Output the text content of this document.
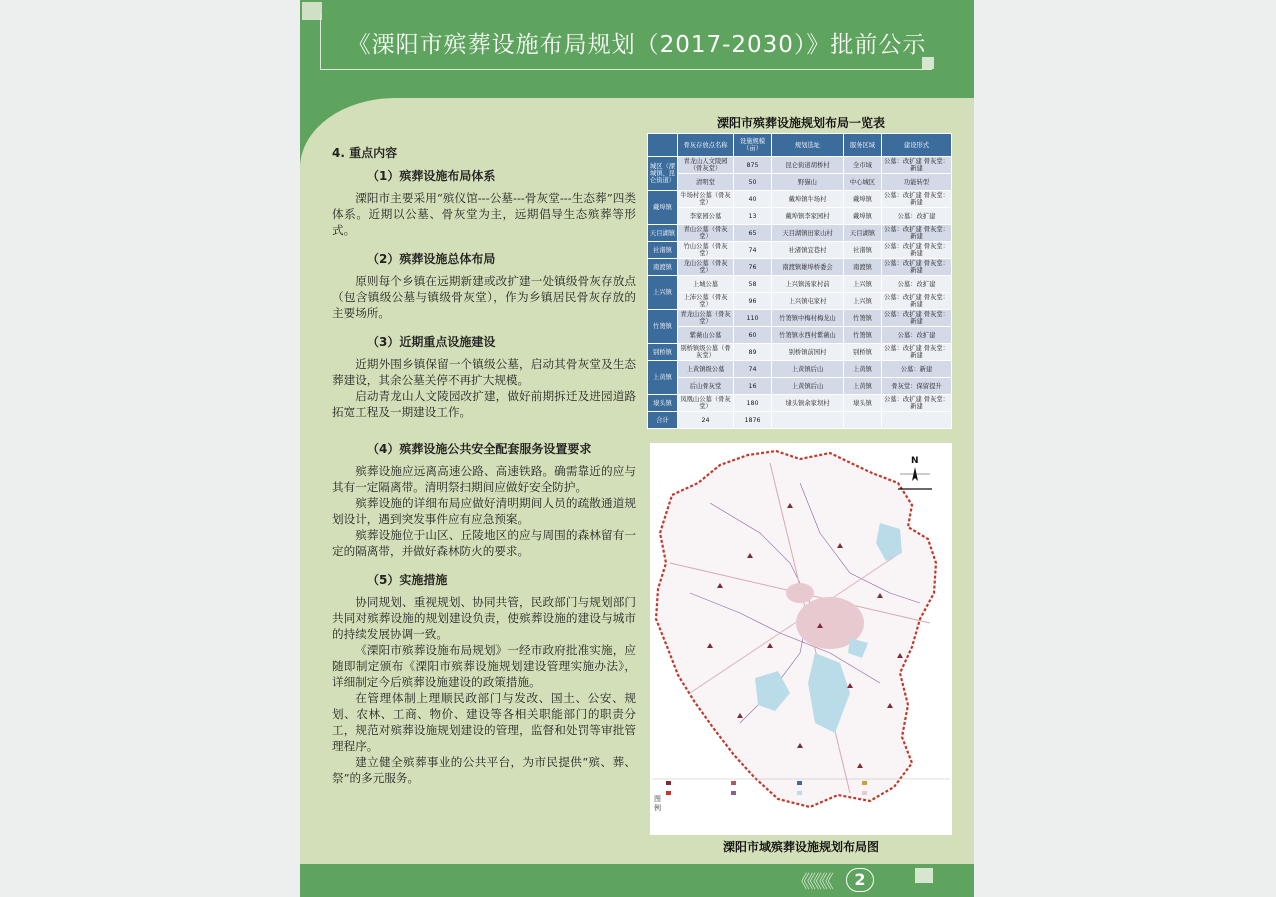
《溧阳市殡葬设施布局规划（2017-2030）》批前公示
《《《《《	2
4. 重点内容
（1）殡葬设施布局体系

溧阳市主要采用“殡仪馆---公墓---骨灰堂---生态葬”四类体系。近期以公墓、骨灰堂为主，远期倡导生态殡葬等形式。

（2）殡葬设施总体布局

原则每个乡镇在远期新建或改扩建一处镇级骨灰存放点（包含镇级公墓与镇级骨灰堂），作为乡镇居民骨灰存放的主要场所。

（3）近期重点设施建设

近期外围乡镇保留一个镇级公墓，启动其骨灰堂及生态葬建设，其余公墓关停不再扩大规模。

启动青龙山人文陵园改扩建，做好前期拆迁及进园道路拓宽工程及一期建设工作。

（4）殡葬设施公共安全配套服务设置要求

殡葬设施应远离高速公路、高速铁路。确需靠近的应与其有一定隔离带。清明祭扫期间应做好安全防护。

殡葬设施的详细布局应做好清明期间人员的疏散通道规划设计，遇到突发事件应有应急预案。

殡葬设施位于山区、丘陵地区的应与周围的森林留有一定的隔离带，并做好森林防火的要求。

（5）实施措施

协同规划、重视规划、协同共管，民政部门与规划部门共同对殡葬设施的规划建设负责，使殡葬设施的建设与城市的持续发展协调一致。

《溧阳市殡葬设施布局规划》一经市政府批准实施，应随即制定颁布《溧阳市殡葬设施规划建设管理实施办法》，详细制定今后殡葬设施建设的政策措施。

在管理体制上理顺民政部门与发改、国土、公安、规划、农林、工商、物价、建设等各相关职能部门的职责分工，规范对殡葬设施规划建设的管理，监督和处罚等审批管理程序。

建立健全殡葬事业的公共平台，为市民提供“殡、葬、祭”的多元服务。

溧阳市殡葬设施规划布局一览表
	骨灰存放点名称	设施规模（亩）	规划选址	服务区域	建设形式
城区（溧城镇、昆仑街道）	青龙山人文陵园（骨灰堂）	875	昆仑街道胡桥村	全市域	公墓：改扩建 骨灰堂：新建
	清明堂	50	野猫山	中心城区	功能转型
戴埠镇	牛场村公墓（骨灰堂）	40	戴埠镇牛场村	戴埠镇	公墓：改扩建 骨灰堂：新建
	李家园公墓	13	戴埠镇李家园村	戴埠镇	公墓：改扩建
天目湖镇	青山公墓（骨灰堂）	65	天目湖镇田家山村	天目湖镇	公墓：改扩建 骨灰堂：新建
社渚镇	竹山公墓（骨灰堂）	74	社渚镇宜巷村	社渚镇	公墓：改扩建 骨灰堂：新建
南渡镇	龙山公墓（骨灰堂）	76	南渡镇雄埠桥委会	南渡镇	公墓：改扩建 骨灰堂：新建
上兴镇	上城公墓	58	上兴镇汤家村前	上兴镇	公墓：改扩建
	上沛公墓（骨灰堂）	96	上兴镇屯家村	上兴镇	公墓：改扩建 骨灰堂：新建
竹箦镇	青龙山公墓（骨灰堂）	110	竹箦镇中梅村梅龙山	竹箦镇	公墓：改扩建 骨灰堂：新建
	紫薇山公墓	60	竹箦镇水西村紫薇山	竹箦镇	公墓：改扩建
别桥镇	别桥镇级公墓（骨灰堂）	89	别桥镇前园村	别桥镇	公墓：改扩建 骨灰堂：新建
上黄镇	上黄镇级公墓	74	上黄镇后山	上黄镇	公墓：新建
	后山骨灰堂	16	上黄镇后山	上黄镇	骨灰堂：保留提升
埭头镇	凤凰山公墓（骨灰堂）	180	埭头镇余家坝村	埭头镇	公墓：改扩建 骨灰堂：新建
合计	24	1876			
N
图例

溧阳市域殡葬设施规划布局图
